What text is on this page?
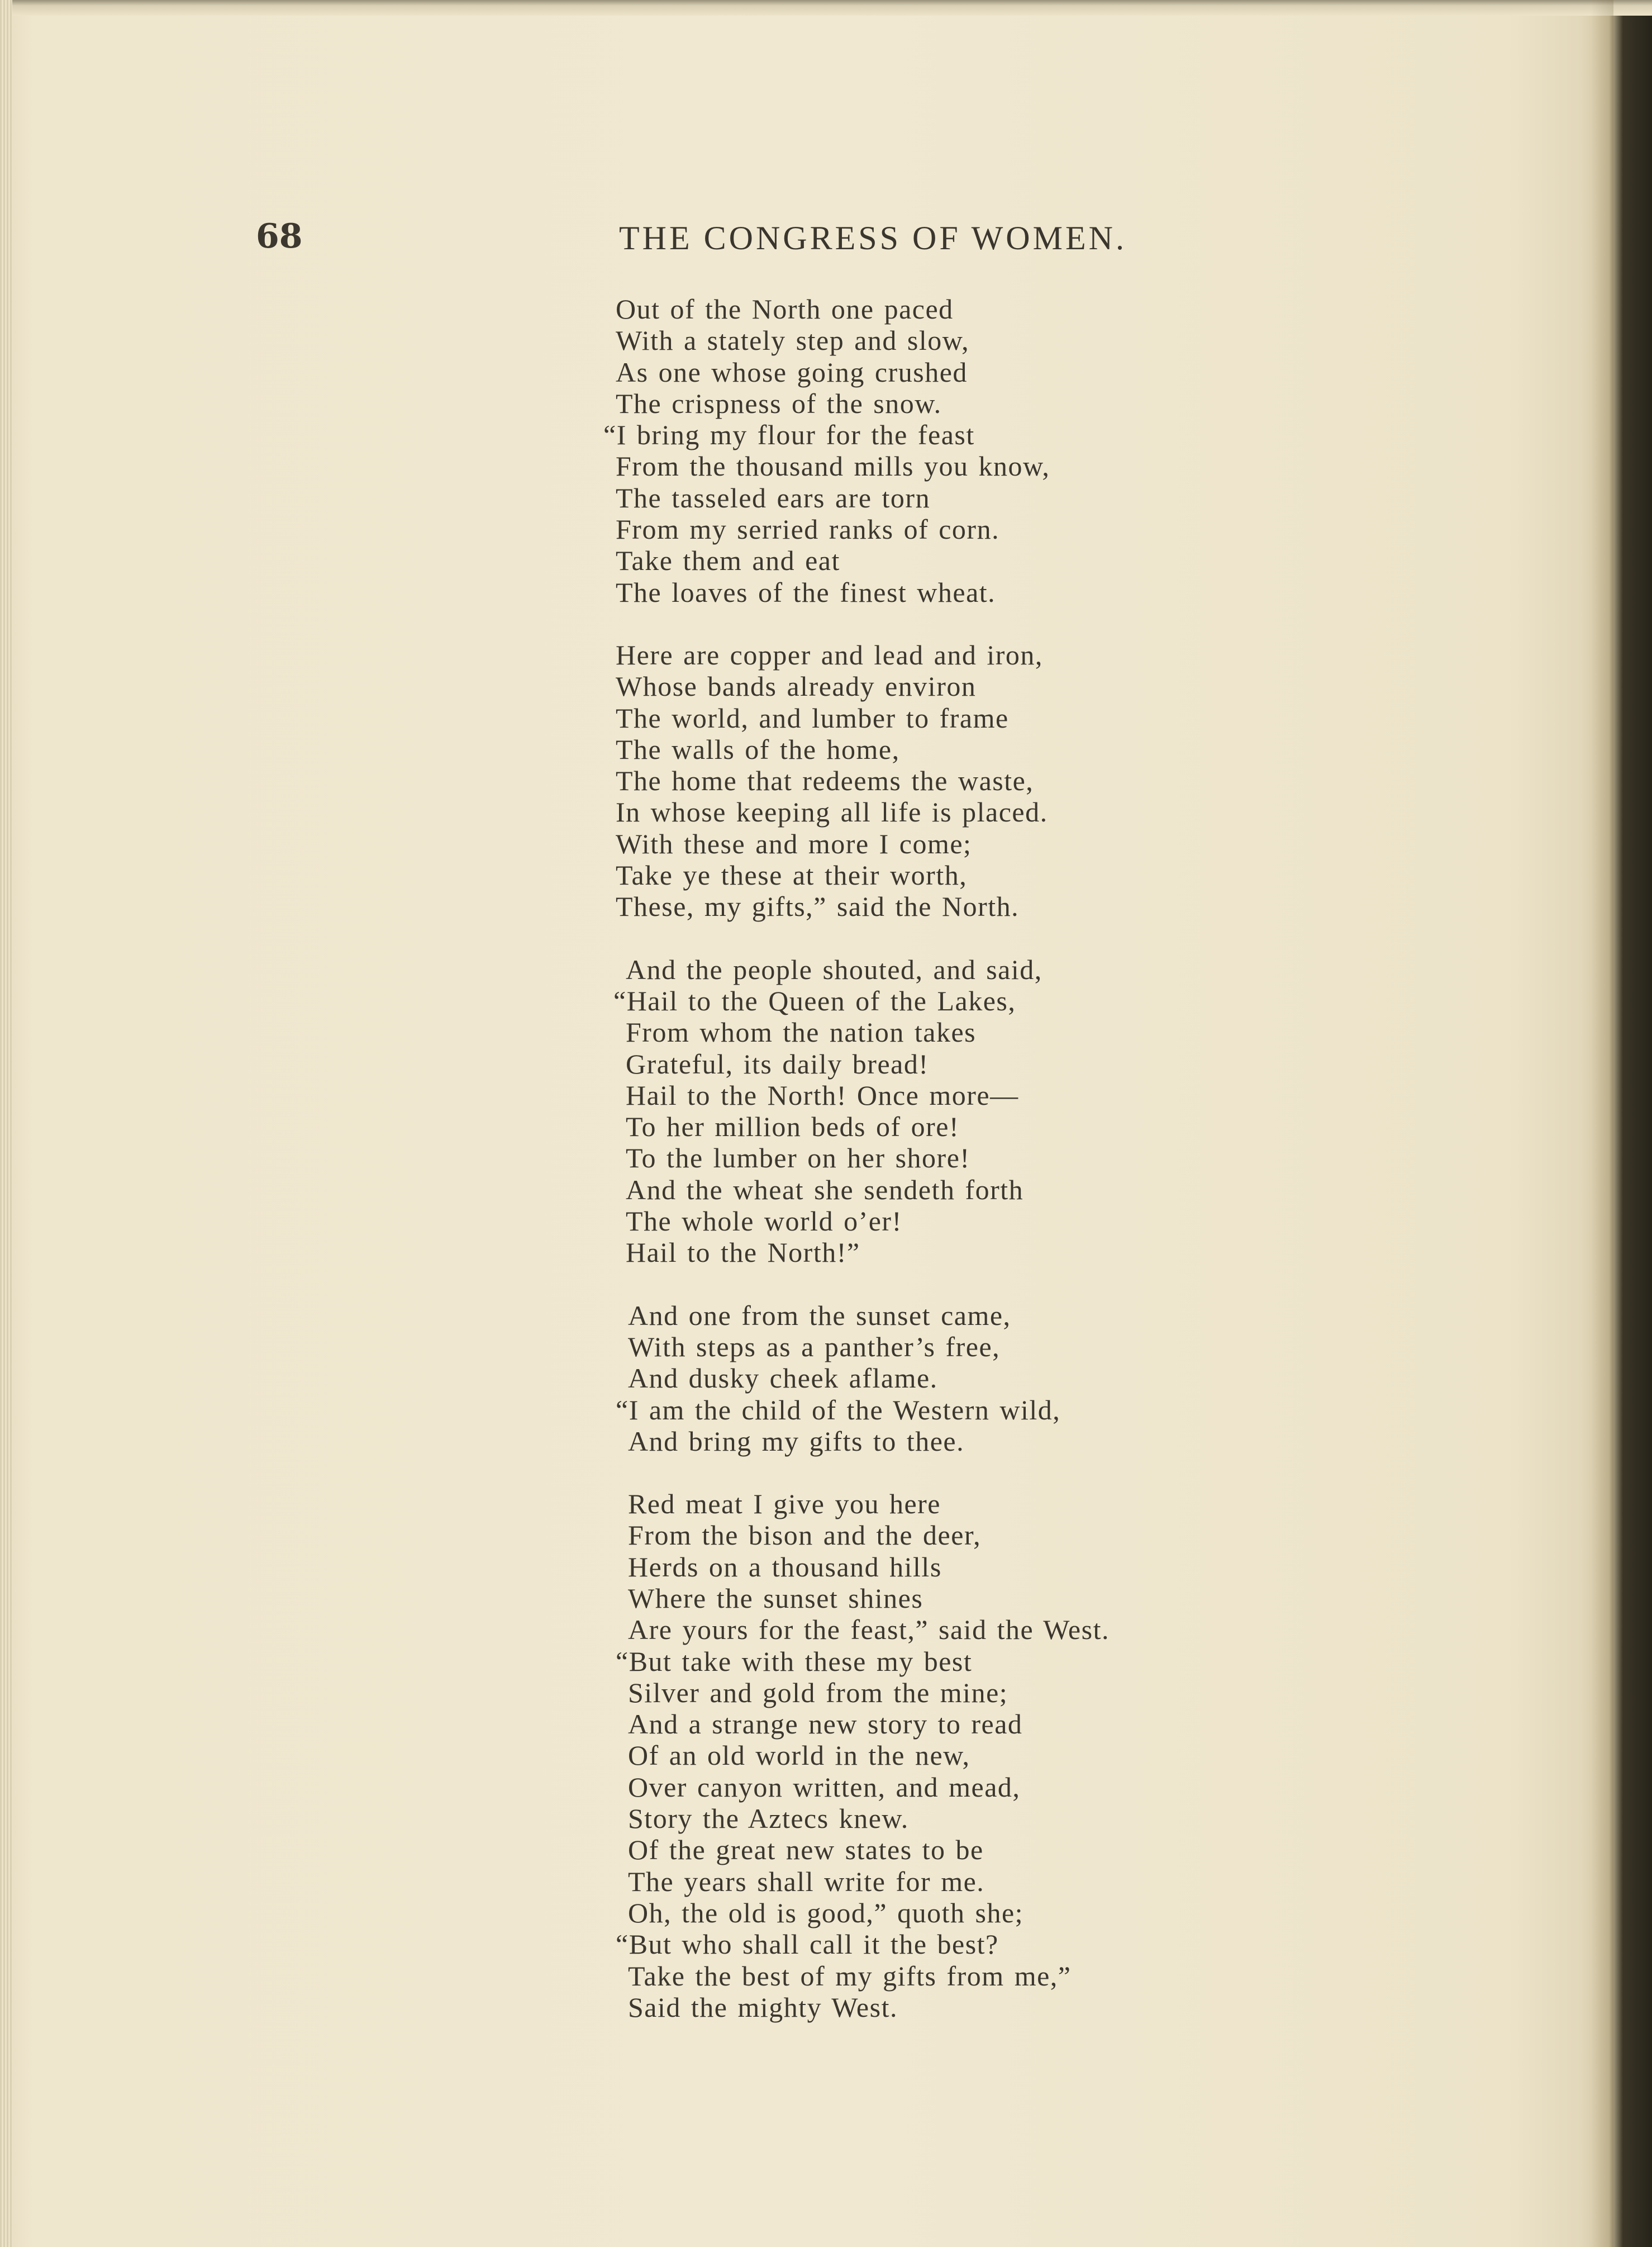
68	THE CONGRESS OF WOMEN.
Out of the North one paced
With a stately step and slow,
As one whose going crushed
The crispness of the snow.
“I bring my flour for the feast
From the thousand mills you know,
The tasseled ears are torn
From my serried ranks of corn.
Take them and eat
The loaves of the finest wheat.
Here are copper and lead and iron,
Whose bands already environ
The world, and lumber to frame
The walls of the home,
The home that redeems the waste,
In whose keeping all life is placed.
With these and more I come;
Take ye these at their worth,
These, my gifts,” said the North.
And the people shouted, and said,
“Hail to the Queen of the Lakes,
From whom the nation takes
Grateful, its daily bread!
Hail to the North! Once more—
To her million beds of ore!
To the lumber on her shore!
And the wheat she sendeth forth
The whole world o’er!
Hail to the North!”
And one from the sunset came,
With steps as a panther’s free,
And dusky cheek aflame.
“I am the child of the Western wild,
And bring my gifts to thee.
Red meat I give you here
From the bison and the deer,
Herds on a thousand hills
Where the sunset shines
Are yours for the feast,” said the West.
“But take with these my best
Silver and gold from the mine;
And a strange new story to read
Of an old world in the new,
Over canyon written, and mead,
Story the Aztecs knew.
Of the great new states to be
The years shall write for me.
Oh, the old is good,” quoth she;
“But who shall call it the best?
Take the best of my gifts from me,”
Said the mighty West.
